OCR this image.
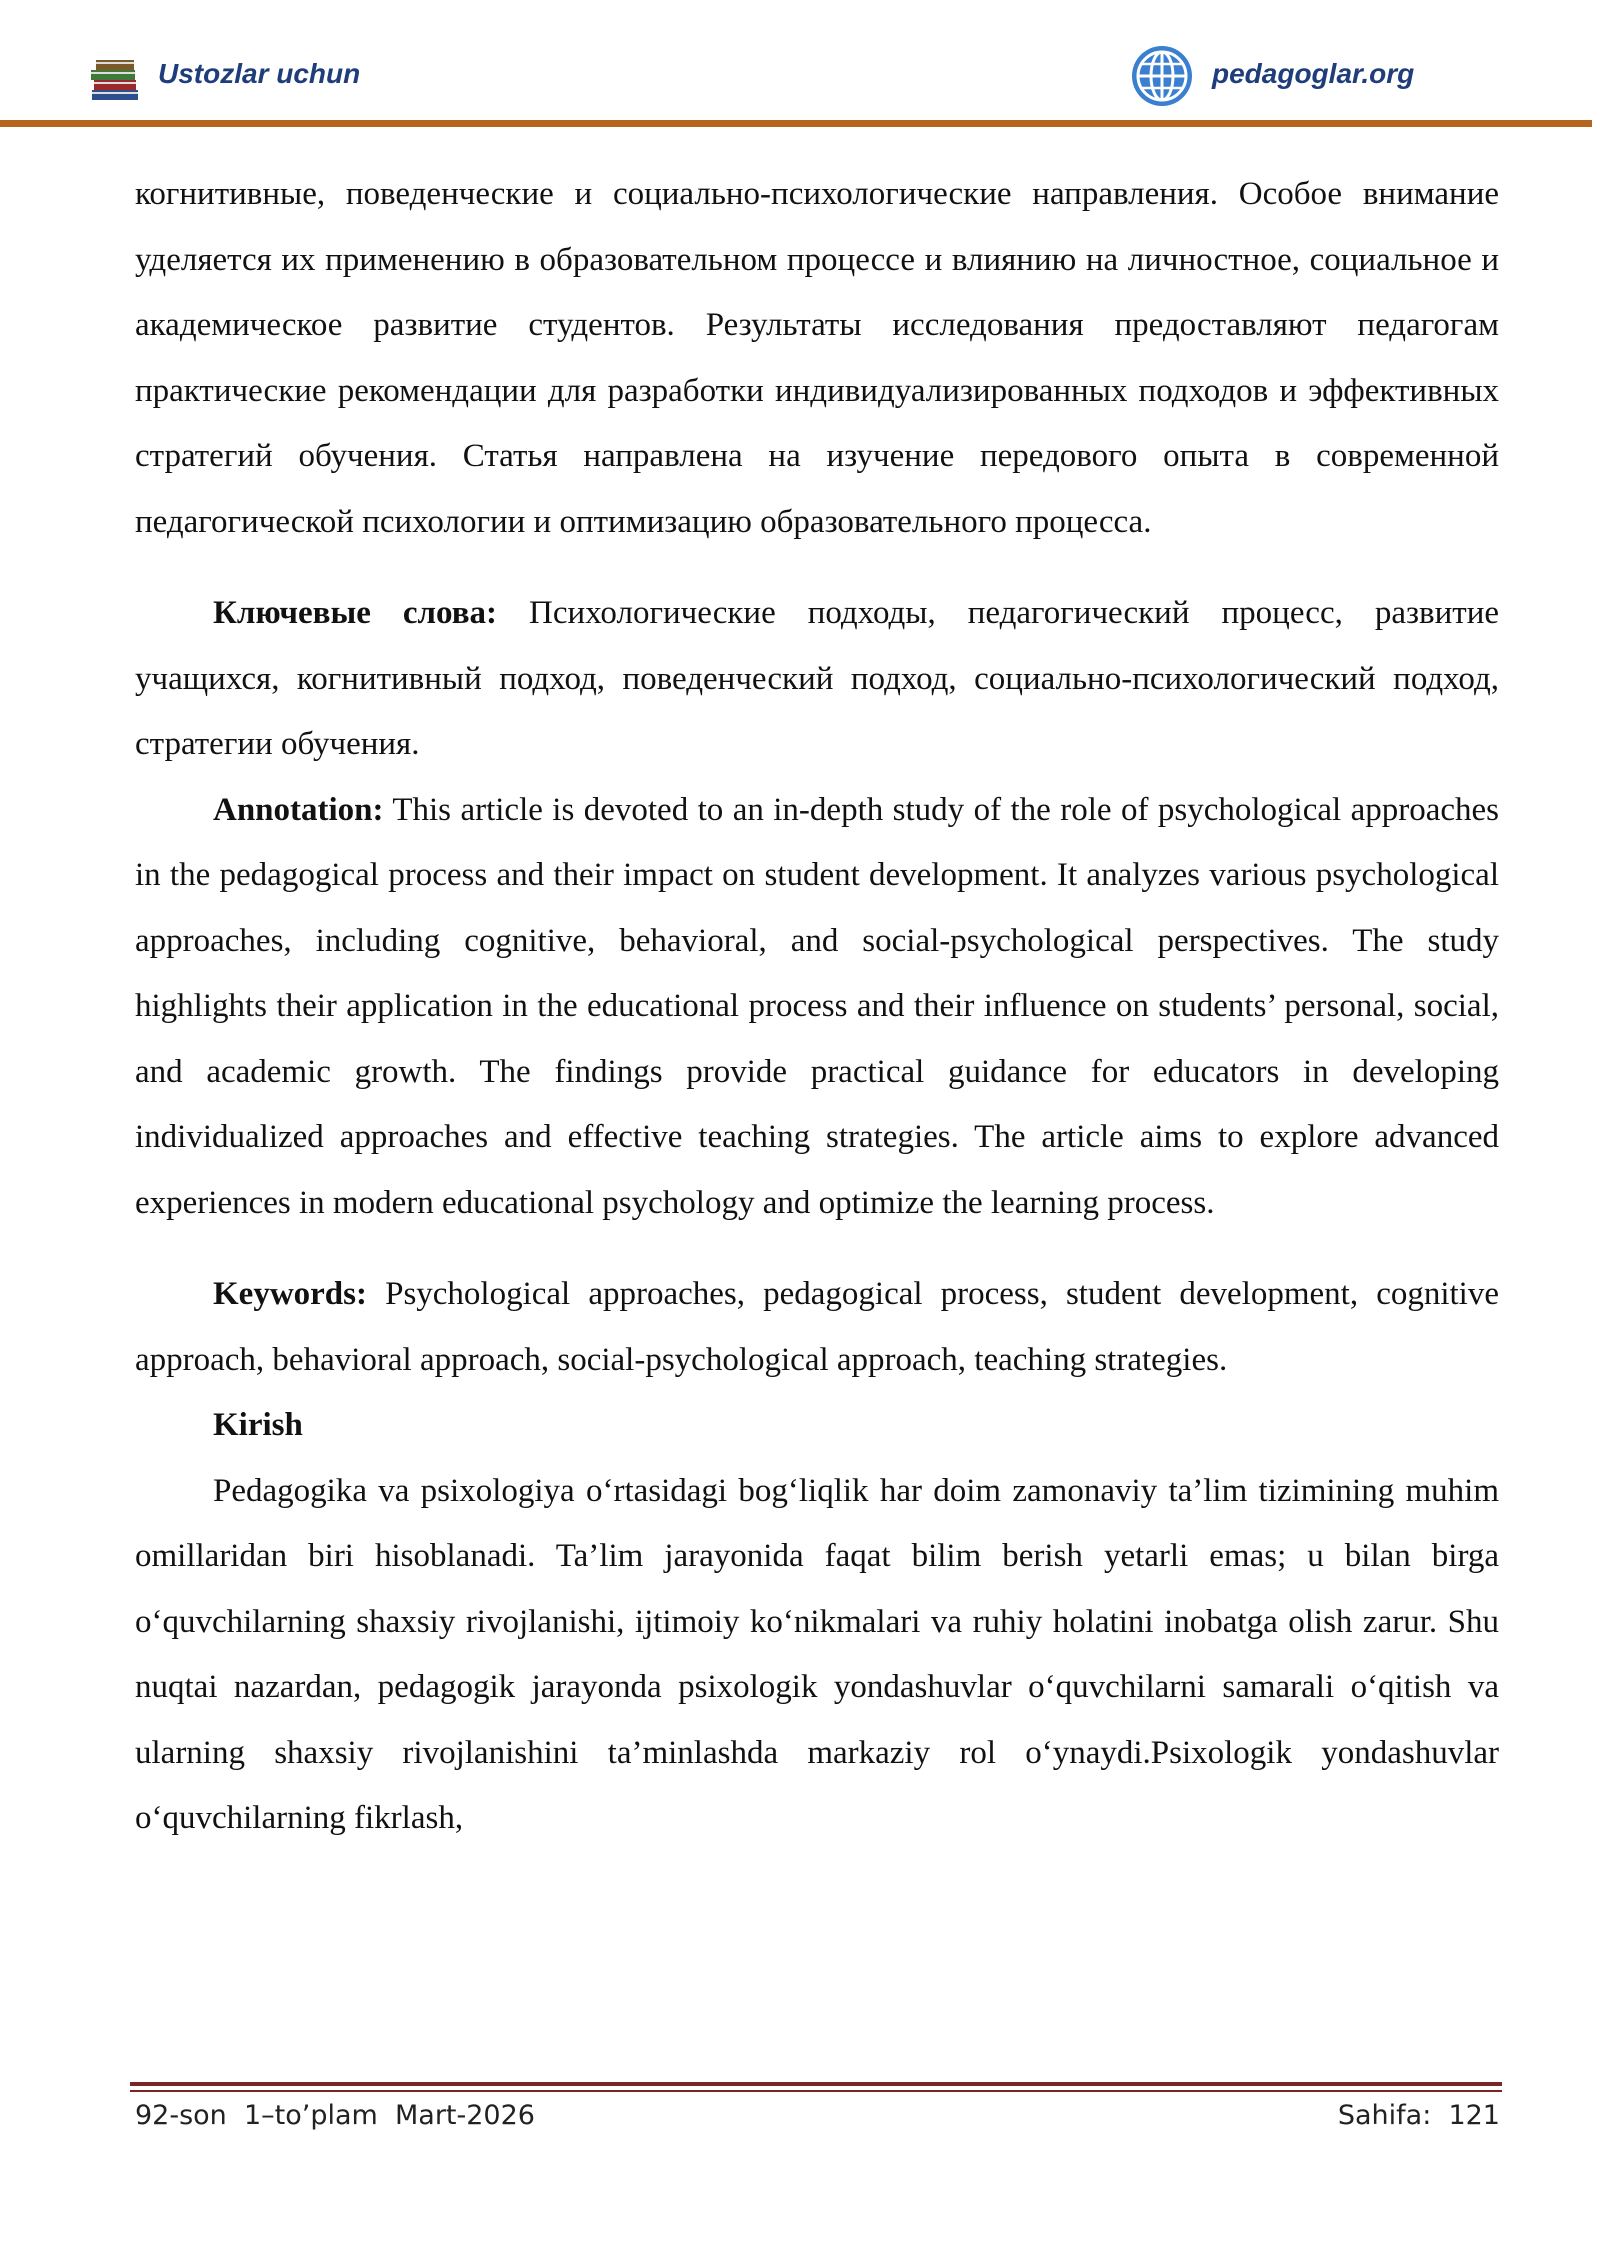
Ustozlar uchun	pedagoglar.org

когнитивные, поведенческие и социально-психологические направления. Особое внимание уделяется их применению в образовательном процессе и влиянию на личностное, социальное и академическое развитие студентов. Результаты исследования предоставляют педагогам практические рекомендации для разработки индивидуализированных подходов и эффективных стратегий обучения. Статья направлена на изучение передового опыта в современной педагогической психологии и оптимизацию образовательного процесса.

Ключевые слова: Психологические подходы, педагогический процесс, развитие учащихся, когнитивный подход, поведенческий подход, социально-психологический подход, стратегии обучения.

Annotation: This article is devoted to an in-depth study of the role of psychological approaches in the pedagogical process and their impact on student development. It analyzes various psychological approaches, including cognitive, behavioral, and social-psychological perspectives. The study highlights their application in the educational process and their influence on students’ personal, social, and academic growth. The findings provide practical guidance for educators in developing individualized approaches and effective teaching strategies. The article aims to explore advanced experiences in modern educational psychology and optimize the learning process.

Keywords: Psychological approaches, pedagogical process, student development, cognitive approach, behavioral approach, social-psychological approach, teaching strategies.

Kirish

Pedagogika va psixologiya o‘rtasidagi bog‘liqlik har doim zamonaviy ta’lim tizimining muhim omillaridan biri hisoblanadi. Ta’lim jarayonida faqat bilim berish yetarli emas; u bilan birga o‘quvchilarning shaxsiy rivojlanishi, ijtimoiy ko‘nikmalari va ruhiy holatini inobatga olish zarur. Shu nuqtai nazardan, pedagogik jarayonda psixologik yondashuvlar o‘quvchilarni samarali o‘qitish va ularning shaxsiy rivojlanishini ta’minlashda markaziy rol o‘ynaydi.Psixologik yondashuvlar o‘quvchilarning fikrlash,

92-son  1–to’plam  Mart-2026	Sahifa:  121
